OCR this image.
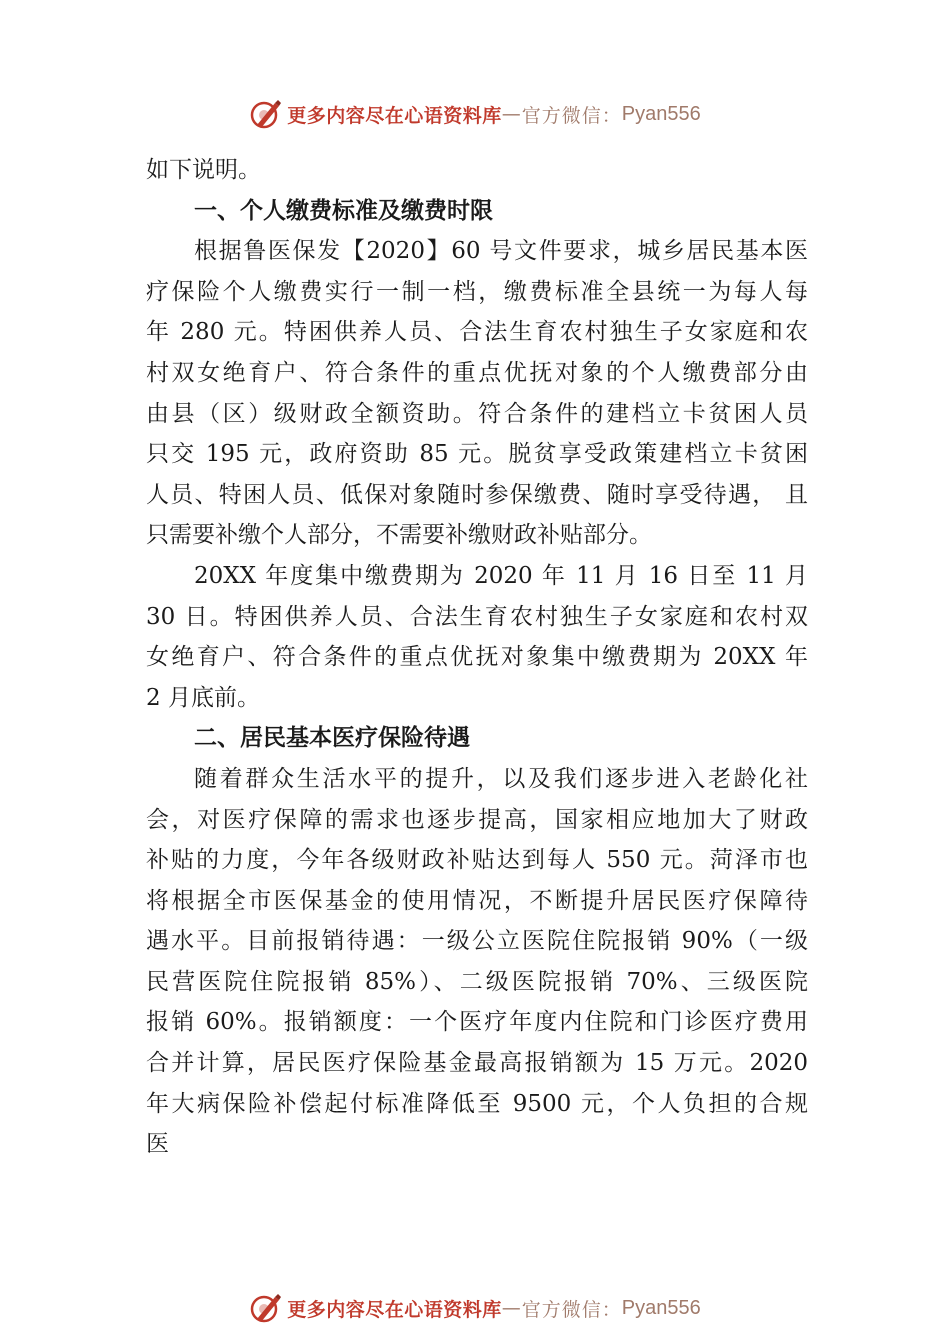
更多内容尽在心语资料库 — 官方微信： Pyan556
如下说明。
一、个人缴费标准及缴费时限
根据鲁医保发【2020】60 号文件要求，城乡居民基本医
疗保险个人缴费实行一制一档，缴费标准全县统一为每人每
年 280 元。特困供养人员、合法生育农村独生子女家庭和农
村双女绝育户、符合条件的重点优抚对象的个人缴费部分由
由县（区）级财政全额资助。符合条件的建档立卡贫困人员
只交 195 元，政府资助 85 元。脱贫享受政策建档立卡贫困
人员、特困人员、低保对象随时参保缴费、随时享受待遇， 且
只需要补缴个人部分，不需要补缴财政补贴部分。
20XX 年度集中缴费期为 2020 年 11 月 16 日至 11 月
30 日。特困供养人员、合法生育农村独生子女家庭和农村双
女绝育户、符合条件的重点优抚对象集中缴费期为 20XX 年
2 月底前。
二、居民基本医疗保险待遇
随着群众生活水平的提升，以及我们逐步进入老龄化社
会，对医疗保障的需求也逐步提高，国家相应地加大了财政
补贴的力度，今年各级财政补贴达到每人 550 元。菏泽市也
将根据全市医保基金的使用情况，不断提升居民医疗保障待
遇水平。目前报销待遇：一级公立医院住院报销 90%（一级
民营医院住院报销 85%）、二级医院报销 70%、三级医院
报销 60%。报销额度：一个医疗年度内住院和门诊医疗费用
合并计算，居民医疗保险基金最高报销额为 15 万元。2020
年大病保险补偿起付标准降低至 9500 元，个人负担的合规
医
更多内容尽在心语资料库 — 官方微信： Pyan556
